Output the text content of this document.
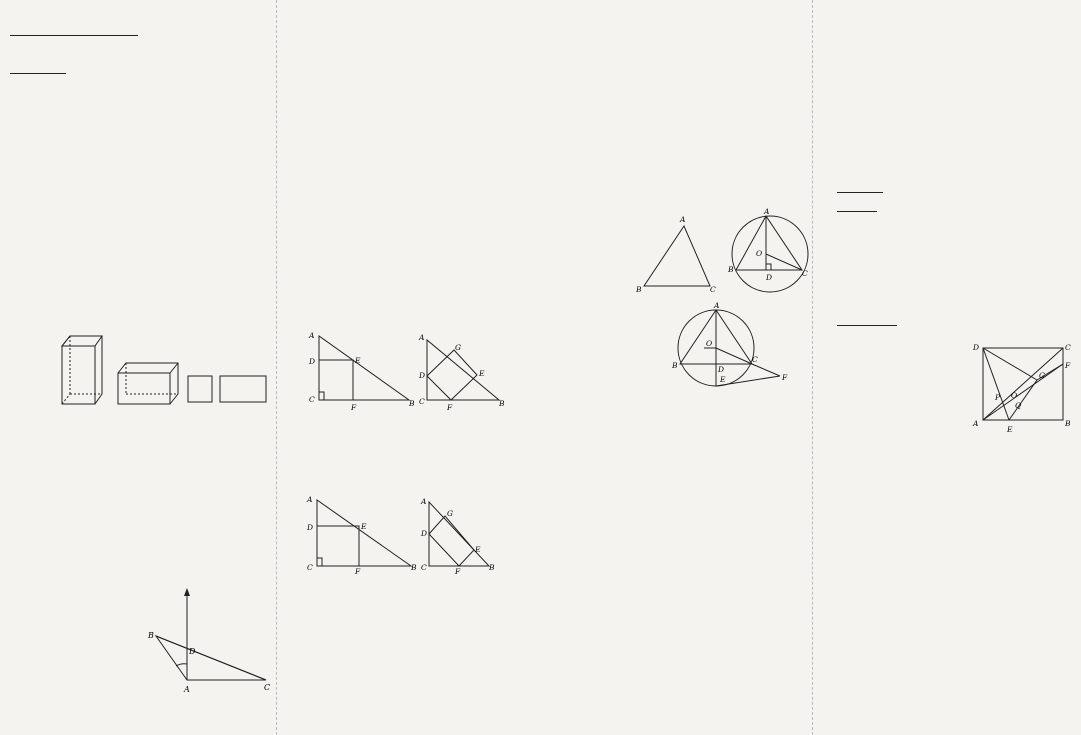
B
D
A	C

A
D	E
C
F	B
A
G
D	E
C
F	B

A
D	E
C	F	B
A
G
D
E
C	F	B

A
B	C
A
O
B
D	C
A
O
B	D
E
C
F

D	C
F
G
P
Q
O
A
E
B
